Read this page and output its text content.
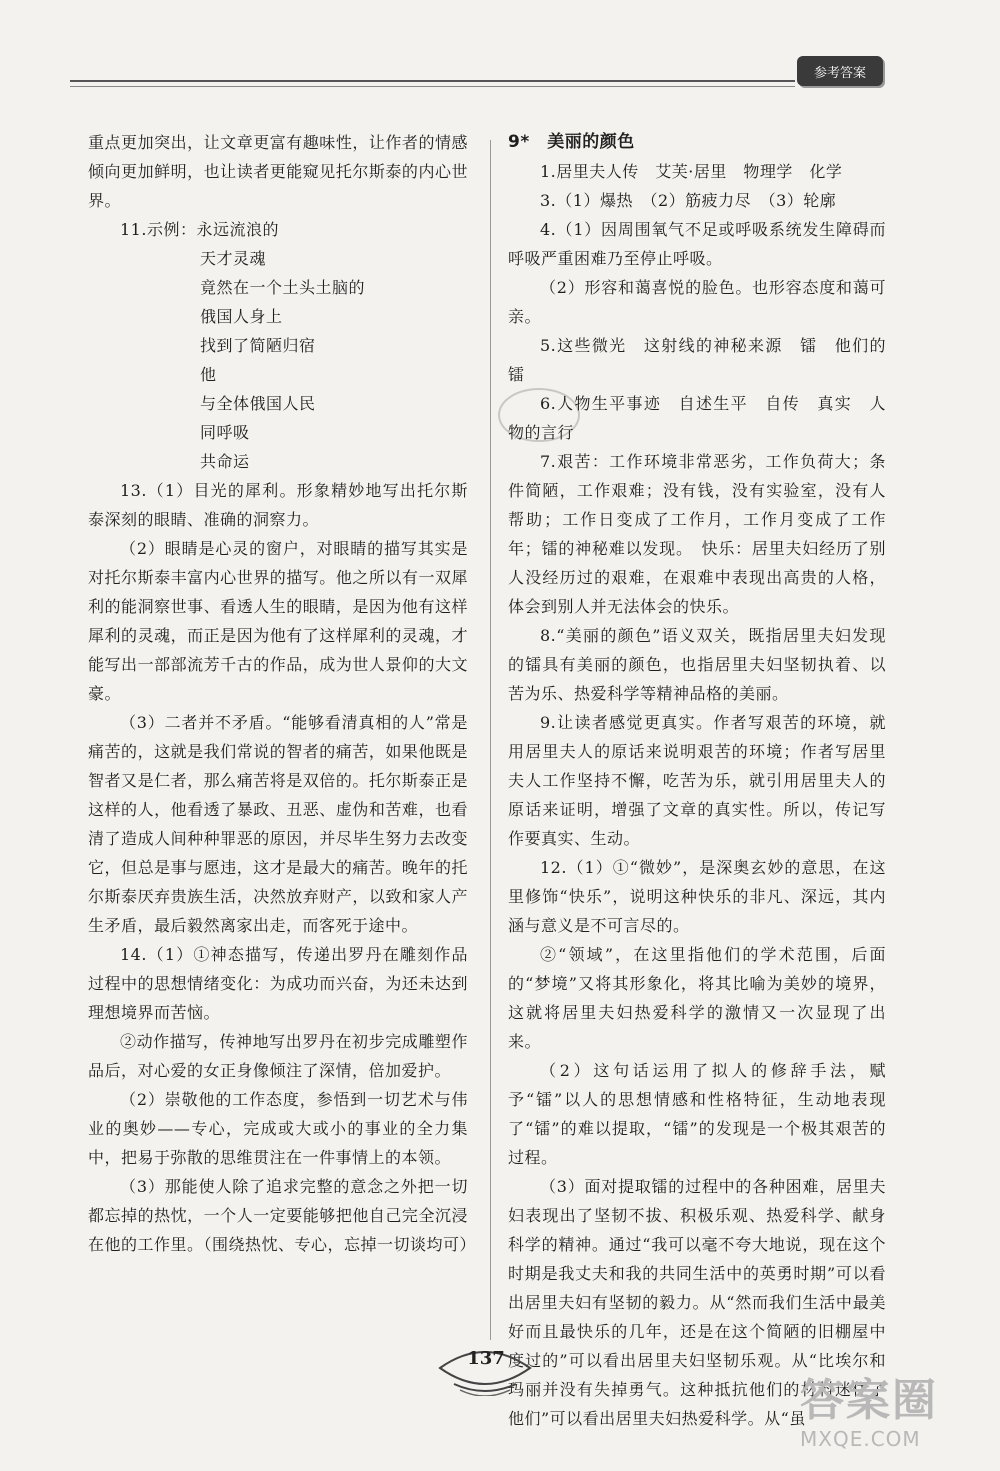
参考答案

重点更加突出，让文章更富有趣味性，让作者的情感倾向更加鲜明，也让读者更能窥见托尔斯泰的内心世界。

11.示例：永远流浪的

天才灵魂

竟然在一个土头土脑的

俄国人身上

找到了简陋归宿

他

与全体俄国人民

同呼吸

共命运

13.（1）目光的犀利。形象精妙地写出托尔斯泰深刻的眼睛、准确的洞察力。

（2）眼睛是心灵的窗户，对眼睛的描写其实是对托尔斯泰丰富内心世界的描写。他之所以有一双犀利的能洞察世事、看透人生的眼睛，是因为他有这样犀利的灵魂，而正是因为他有了这样犀利的灵魂，才能写出一部部流芳千古的作品，成为世人景仰的大文豪。

（3）二者并不矛盾。“能够看清真相的人”常是痛苦的，这就是我们常说的智者的痛苦，如果他既是智者又是仁者，那么痛苦将是双倍的。托尔斯泰正是这样的人，他看透了暴政、丑恶、虚伪和苦难，也看清了造成人间种种罪恶的原因，并尽毕生努力去改变它，但总是事与愿违，这才是最大的痛苦。晚年的托尔斯泰厌弃贵族生活，决然放弃财产，以致和家人产生矛盾，最后毅然离家出走，而客死于途中。

14.（1）①神态描写，传递出罗丹在雕刻作品过程中的思想情绪变化：为成功而兴奋，为还未达到理想境界而苦恼。

②动作描写，传神地写出罗丹在初步完成雕塑作品后，对心爱的女正身像倾注了深情，倍加爱护。

（2）崇敬他的工作态度，参悟到一切艺术与伟业的奥妙——专心，完成或大或小的事业的全力集中，把易于弥散的思维贯注在一件事情上的本领。

（3）那能使人除了追求完整的意念之外把一切都忘掉的热忱，一个人一定要能够把他自己完全沉浸在他的工作里。（围绕热忱、专心，忘掉一切谈均可）

9*　美丽的颜色

1.居里夫人传　艾芙·居里　物理学　化学

3.（1）爆热　（2）筋疲力尽　（3）轮廓

4.（1）因周围氧气不足或呼吸系统发生障碍而呼吸严重困难乃至停止呼吸。

（2）形容和蔼喜悦的脸色。也形容态度和蔼可亲。

5.这些微光　这射线的神秘来源　镭　他们的镭

6.人物生平事迹　自述生平　自传　真实　人物的言行

7.艰苦：工作环境非常恶劣，工作负荷大；条件简陋，工作艰难；没有钱，没有实验室，没有人帮助；工作日变成了工作月，工作月变成了工作年；镭的神秘难以发现。　快乐：居里夫妇经历了别人没经历过的艰难，在艰难中表现出高贵的人格，体会到别人并无法体会的快乐。

8.“美丽的颜色”语义双关，既指居里夫妇发现的镭具有美丽的颜色，也指居里夫妇坚韧执着、以苦为乐、热爱科学等精神品格的美丽。

9.让读者感觉更真实。作者写艰苦的环境，就用居里夫人的原话来说明艰苦的环境；作者写居里夫人工作坚持不懈，吃苦为乐，就引用居里夫人的原话来证明，增强了文章的真实性。所以，传记写作要真实、生动。

12.（1）①“微妙”，是深奥玄妙的意思，在这里修饰“快乐”，说明这种快乐的非凡、深远，其内涵与意义是不可言尽的。

②“领域”，在这里指他们的学术范围，后面的“梦境”又将其形象化，将其比喻为美妙的境界，这就将居里夫妇热爱科学的激情又一次显现了出来。

（2）这句话运用了拟人的修辞手法，赋予“镭”以人的思想情感和性格特征，生动地表现了“镭”的难以提取，“镭”的发现是一个极其艰苦的过程。

（3）面对提取镭的过程中的各种困难，居里夫妇表现出了坚韧不拔、积极乐观、热爱科学、献身科学的精神。通过“我可以毫不夸大地说，现在这个时期是我丈夫和我的共同生活中的英勇时期”可以看出居里夫妇有坚韧的毅力。从“然而我们生活中最美好而且最快乐的几年，还是在这个简陋的旧棚屋中度过的”可以看出居里夫妇坚韧乐观。从“比埃尔和玛丽并没有失掉勇气。这种抵抗他们的材料迷住了他们”可以看出居里夫妇热爱科学。从“虽

137
答案圈
MXQE.COM
